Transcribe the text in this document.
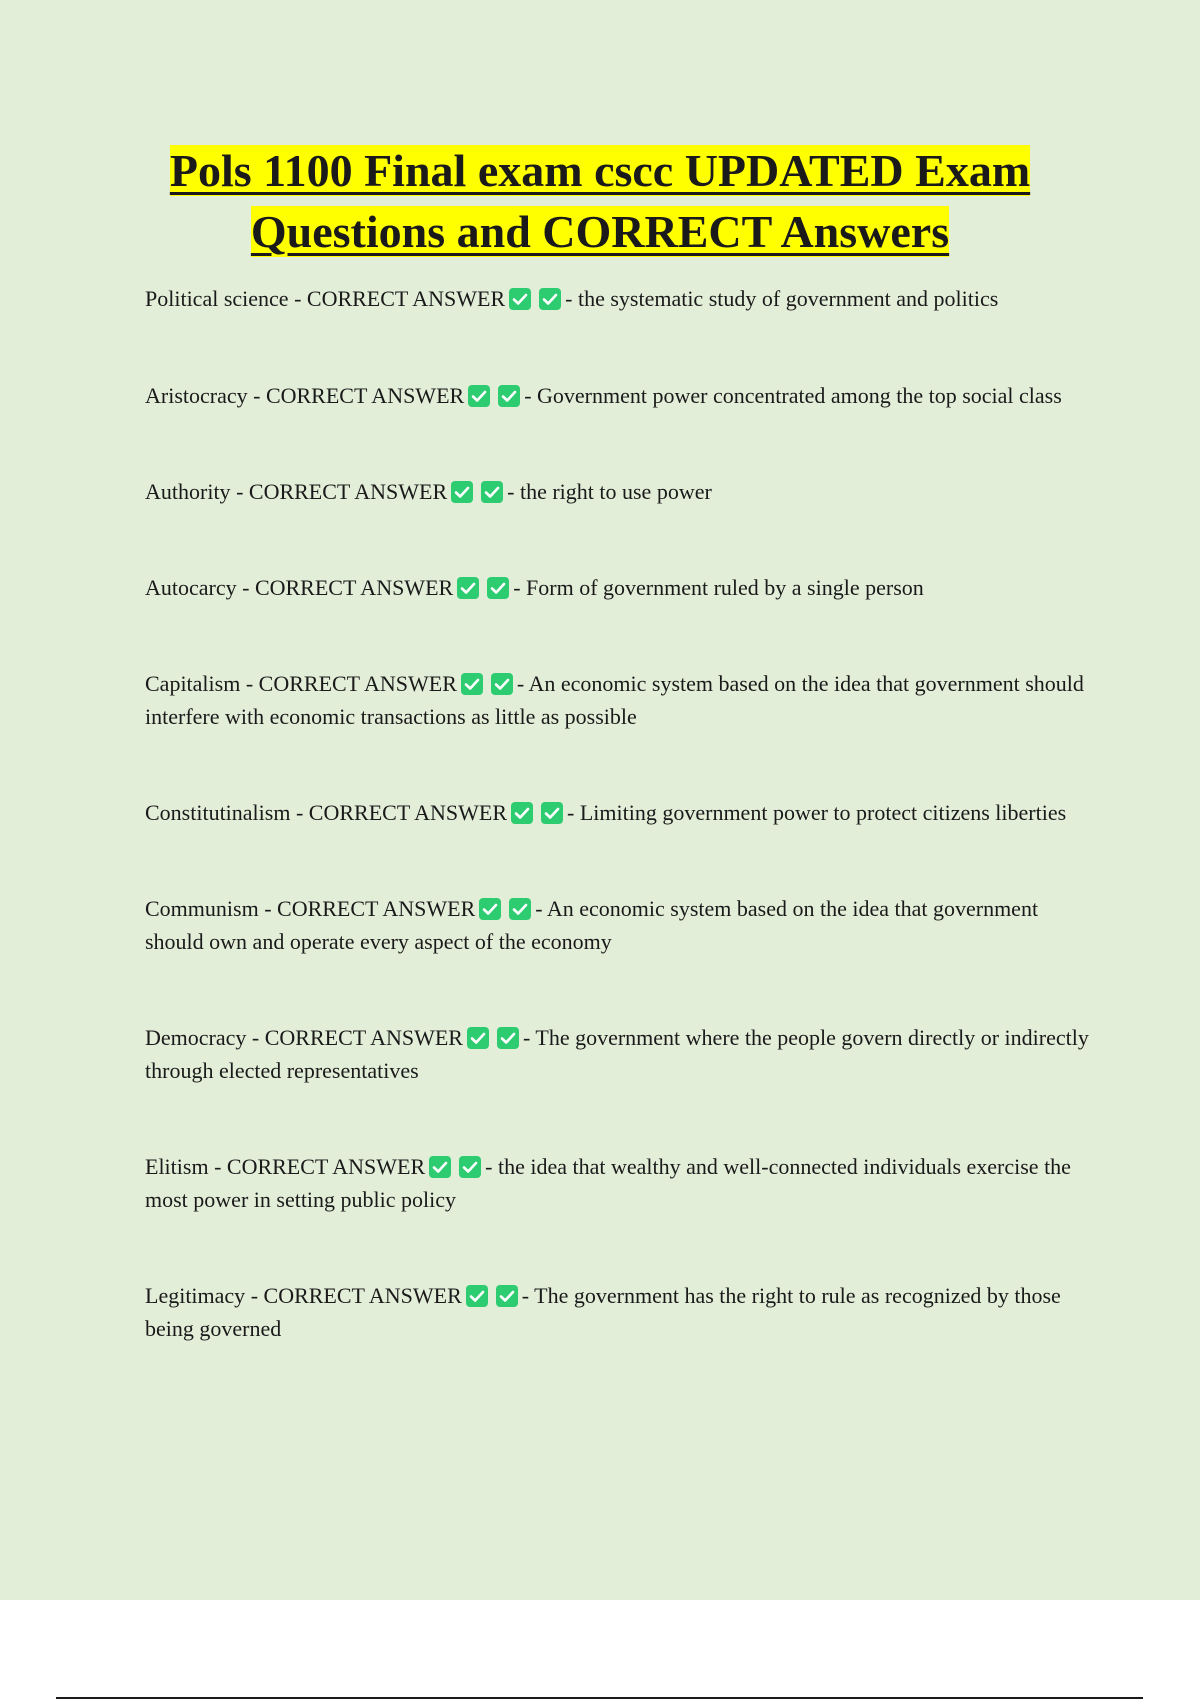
Pols 1100 Final exam cscc UPDATED Exam
Questions and CORRECT Answers

Political science - CORRECT ANSWER	- the systematic study of government and politics

Aristocracy - CORRECT ANSWER	- Government power concentrated among the top social class

Authority - CORRECT ANSWER	- the right to use power

Autocarcy - CORRECT ANSWER	- Form of government ruled by a single person

Capitalism - CORRECT ANSWER	- An economic system based on the idea that government should interfere with economic transactions as little as possible

Constitutinalism - CORRECT ANSWER	- Limiting government power to protect citizens liberties

Communism - CORRECT ANSWER	- An economic system based on the idea that government should own and operate every aspect of the economy

Democracy - CORRECT ANSWER	- The government where the people govern directly or indirectly through elected representatives

Elitism - CORRECT ANSWER	- the idea that wealthy and well-connected individuals exercise the most power in setting public policy

Legitimacy - CORRECT ANSWER	- The government has the right to rule as recognized by those being governed
